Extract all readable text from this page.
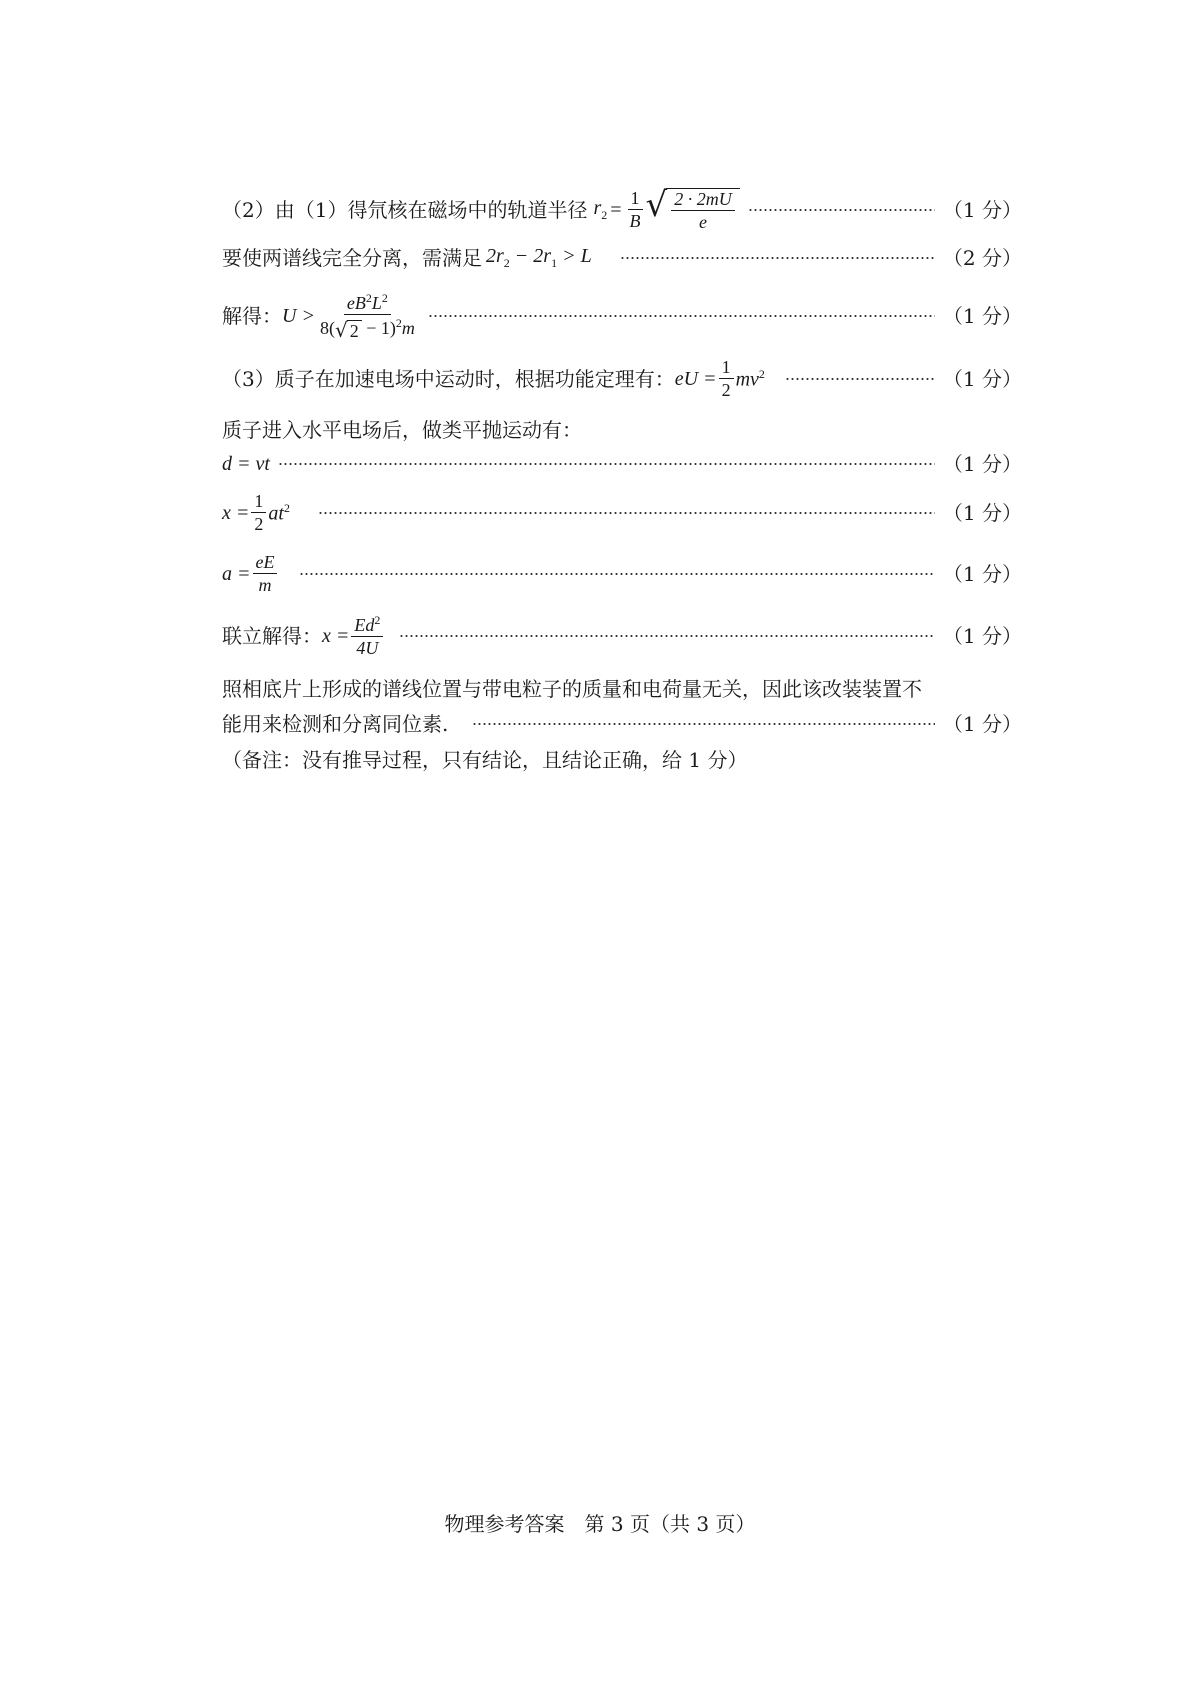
（2）由（1）得氘核在磁场中的轨道半径 $r_2 = \frac{1}{B}$ √ $\frac{2 \cdot 2mU}{e}$	（1 分）
要使两谱线完全分离，需满足 $2r_2 - 2r_1 > L$	（2 分）
解得： $U > \frac{eB^2L^2}{8( √ 2 - 1)^2m}$	（1 分）
（3）质子在加速电场中运动时，根据功能定理有： eU = $\frac{1}{2} mv^2$	（1 分）
质子进入水平电场后，做类平抛运动有：
d = vt	（1 分）
$x = \frac{1}{2} at^2$	（1 分）
$a = \frac{eE}{m}$	（1 分）
联立解得： $x = \frac{Ed^2}{4U}$	（1 分）
照相底片上形成的谱线位置与带电粒子的质量和电荷量无关，因此该改装装置不
能用来检测和分离同位素.	（1 分）
（备注：没有推导过程，只有结论，且结论正确，给 1 分）
物理参考答案　第 3 页（共 3 页）
